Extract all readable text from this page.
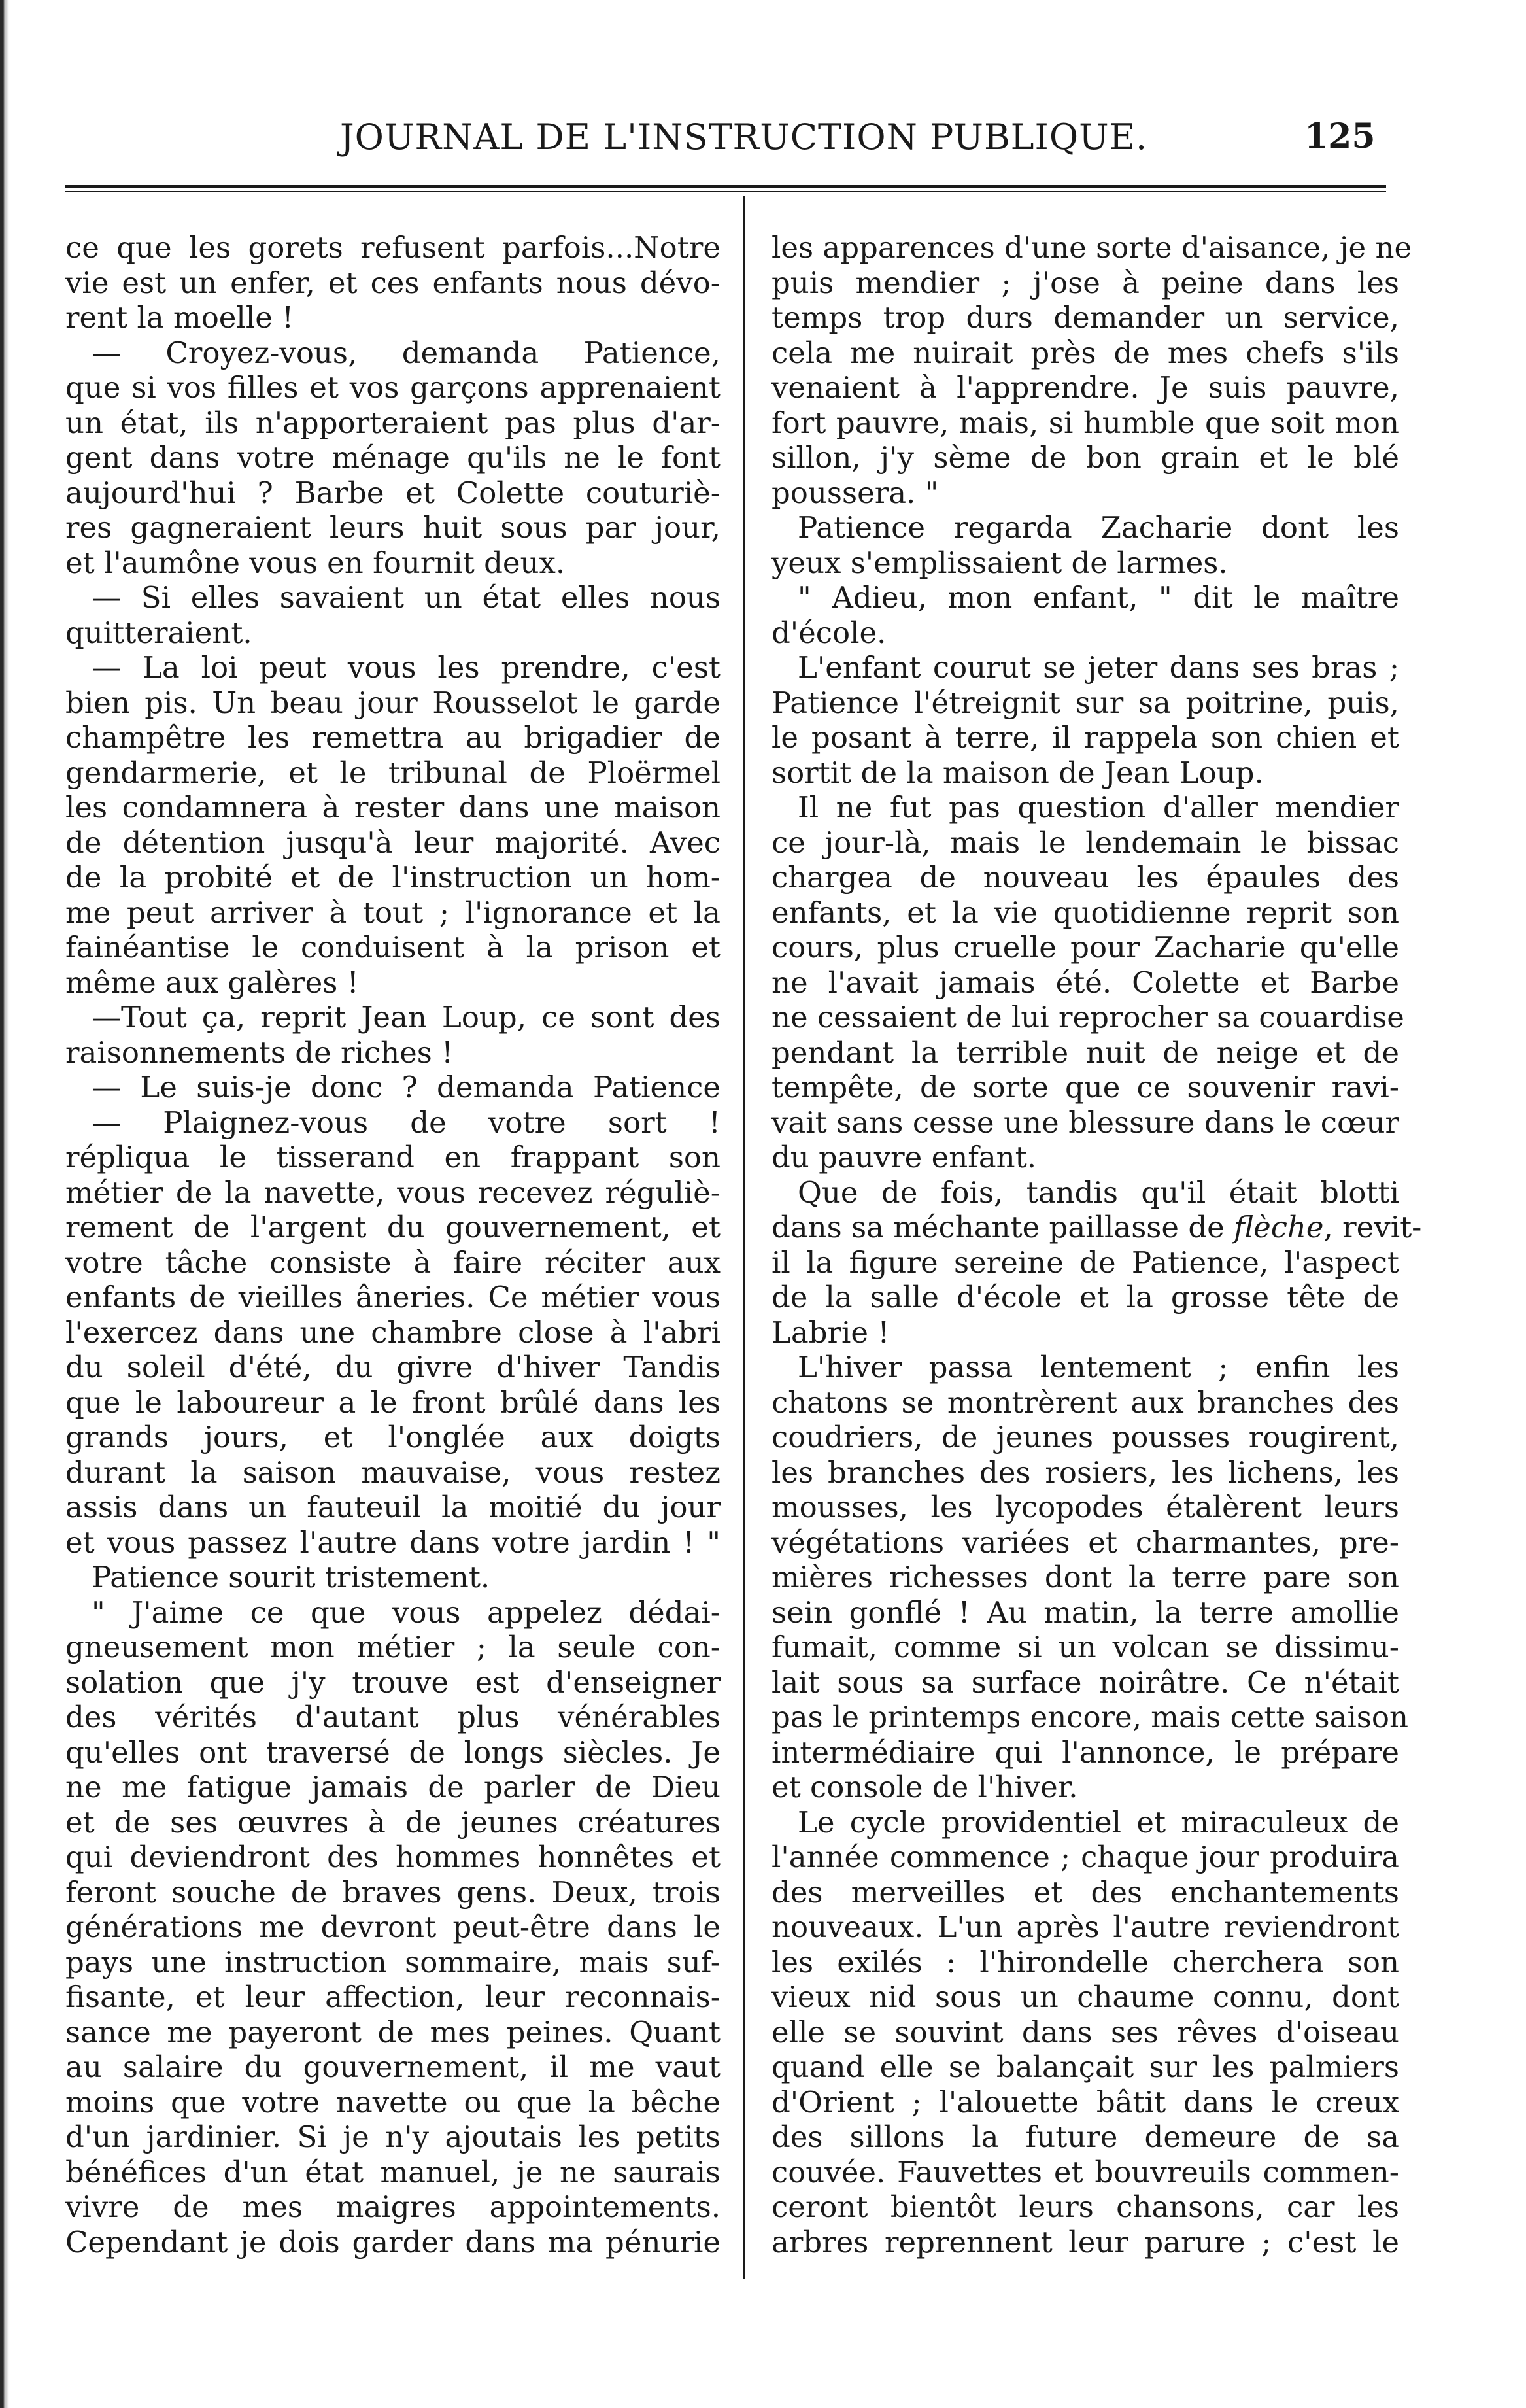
JOURNAL DE L'INSTRUCTION PUBLIQUE.	125
ce que les gorets refusent parfois...Notre
vie est un enfer, et ces enfants nous dévo-
rent la moelle !
— Croyez-vous, demanda Patience,
que si vos filles et vos garçons apprenaient
un état, ils n'apporteraient pas plus d'ar-
gent dans votre ménage qu'ils ne le font
aujourd'hui ? Barbe et Colette couturiè-
res gagneraient leurs huit sous par jour,
et l'aumône vous en fournit deux.
— Si elles savaient un état elles nous
quitteraient.
— La loi peut vous les prendre, c'est
bien pis. Un beau jour Rousselot le garde
champêtre les remettra au brigadier de
gendarmerie, et le tribunal de Ploërmel
les condamnera à rester dans une maison
de détention jusqu'à leur majorité. Avec
de la probité et de l'instruction un hom-
me peut arriver à tout ; l'ignorance et la
fainéantise le conduisent à la prison et
même aux galères !
—Tout ça, reprit Jean Loup, ce sont des
raisonnements de riches !
— Le suis-je donc ? demanda Patience
— Plaignez-vous de votre sort !
répliqua le tisserand en frappant son
métier de la navette, vous recevez réguliè-
rement de l'argent du gouvernement, et
votre tâche consiste à faire réciter aux
enfants de vieilles âneries. Ce métier vous
l'exercez dans une chambre close à l'abri
du soleil d'été, du givre d'hiver Tandis
que le laboureur a le front brûlé dans les
grands jours, et l'onglée aux doigts
durant la saison mauvaise, vous restez
assis dans un fauteuil la moitié du jour
et vous passez l'autre dans votre jardin ! "
Patience sourit tristement.
" J'aime ce que vous appelez dédai-
gneusement mon métier ; la seule con-
solation que j'y trouve est d'enseigner
des vérités d'autant plus vénérables
qu'elles ont traversé de longs siècles. Je
ne me fatigue jamais de parler de Dieu
et de ses œuvres à de jeunes créatures
qui deviendront des hommes honnêtes et
feront souche de braves gens. Deux, trois
générations me devront peut-être dans le
pays une instruction sommaire, mais suf-
fisante, et leur affection, leur reconnais-
sance me payeront de mes peines. Quant
au salaire du gouvernement, il me vaut
moins que votre navette ou que la bêche
d'un jardinier. Si je n'y ajoutais les petits
bénéfices d'un état manuel, je ne saurais
vivre de mes maigres appointements.
Cependant je dois garder dans ma pénurie
les apparences d'une sorte d'aisance, je ne
puis mendier ; j'ose à peine dans les
temps trop durs demander un service,
cela me nuirait près de mes chefs s'ils
venaient à l'apprendre. Je suis pauvre,
fort pauvre, mais, si humble que soit mon
sillon, j'y sème de bon grain et le blé
poussera. "
Patience regarda Zacharie dont les
yeux s'emplissaient de larmes.
" Adieu, mon enfant, " dit le maître
d'école.
L'enfant courut se jeter dans ses bras ;
Patience l'étreignit sur sa poitrine, puis,
le posant à terre, il rappela son chien et
sortit de la maison de Jean Loup.
Il ne fut pas question d'aller mendier
ce jour-là, mais le lendemain le bissac
chargea de nouveau les épaules des
enfants, et la vie quotidienne reprit son
cours, plus cruelle pour Zacharie qu'elle
ne l'avait jamais été. Colette et Barbe
ne cessaient de lui reprocher sa couardise
pendant la terrible nuit de neige et de
tempête, de sorte que ce souvenir ravi-
vait sans cesse une blessure dans le cœur
du pauvre enfant.
Que de fois, tandis qu'il était blotti
dans sa méchante paillasse de flèche, revit-
il la figure sereine de Patience, l'aspect
de la salle d'école et la grosse tête de
Labrie !
L'hiver passa lentement ; enfin les
chatons se montrèrent aux branches des
coudriers, de jeunes pousses rougirent,
les branches des rosiers, les lichens, les
mousses, les lycopodes étalèrent leurs
végétations variées et charmantes, pre-
mières richesses dont la terre pare son
sein gonflé ! Au matin, la terre amollie
fumait, comme si un volcan se dissimu-
lait sous sa surface noirâtre. Ce n'était
pas le printemps encore, mais cette saison
intermédiaire qui l'annonce, le prépare
et console de l'hiver.
Le cycle providentiel et miraculeux de
l'année commence ; chaque jour produira
des merveilles et des enchantements
nouveaux. L'un après l'autre reviendront
les exilés : l'hirondelle cherchera son
vieux nid sous un chaume connu, dont
elle se souvint dans ses rêves d'oiseau
quand elle se balançait sur les palmiers
d'Orient ; l'alouette bâtit dans le creux
des sillons la future demeure de sa
couvée. Fauvettes et bouvreuils commen-
ceront bientôt leurs chansons, car les
arbres reprennent leur parure ; c'est le
